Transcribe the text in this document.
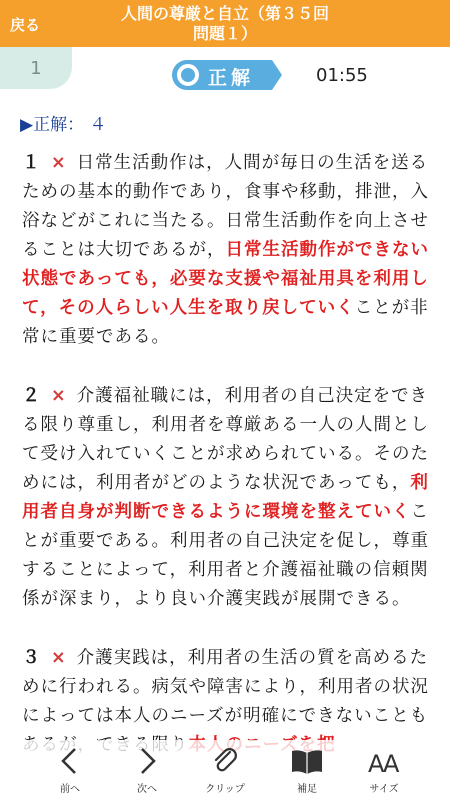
戻る
人間の尊厳と自立（第３５回
問題１）
1	正解	01:55
▶正解： ４

１ × 日常生活動作は，人間が毎日の生活を送るための基本的動作であり，食事や移動，排泄，入浴などがこれに当たる。日常生活動作を向上させることは大切であるが，日常生活動作ができない状態であっても，必要な支援や福祉用具を利用して，その人らしい人生を取り戻していくことが非常に重要である。

２ × 介護福祉職には，利用者の自己決定をできる限り尊重し，利用者を尊厳ある一人の人間として受け入れていくことが求められている。そのためには，利用者がどのような状況であっても，利用者自身が判断できるように環境を整えていくことが重要である。利用者の自己決定を促し，尊重することによって，利用者と介護福祉職の信頼関係が深まり，より良い介護実践が展開できる。

３ × 介護実践は，利用者の生活の質を高めるために行われる。病気や障害により，利用者の状況によっては本人のニーズが明確にできないことも

前へ	次へ	クリップ	補足
A
A
サイズ
